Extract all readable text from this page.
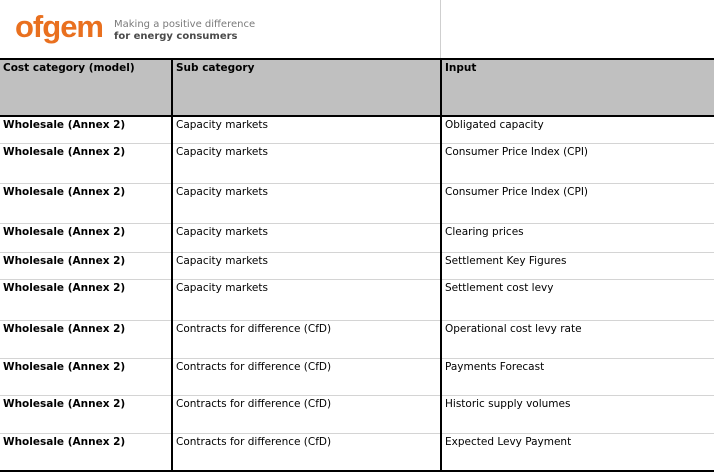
ofgem Making a positive difference
for energy consumers
Cost category (model)	Sub category	Input
Wholesale (Annex 2)	Capacity markets	Obligated capacity
Wholesale (Annex 2)	Capacity markets	Consumer Price Index (CPI)
Wholesale (Annex 2)	Capacity markets	Consumer Price Index (CPI)
Wholesale (Annex 2)	Capacity markets	Clearing prices
Wholesale (Annex 2)	Capacity markets	Settlement Key Figures
Wholesale (Annex 2)	Capacity markets	Settlement cost levy
Wholesale (Annex 2)	Contracts for difference (CfD)	Operational cost levy rate
Wholesale (Annex 2)	Contracts for difference (CfD)	Payments Forecast
Wholesale (Annex 2)	Contracts for difference (CfD)	Historic supply volumes
Wholesale (Annex 2)	Contracts for difference (CfD)	Expected Levy Payment
